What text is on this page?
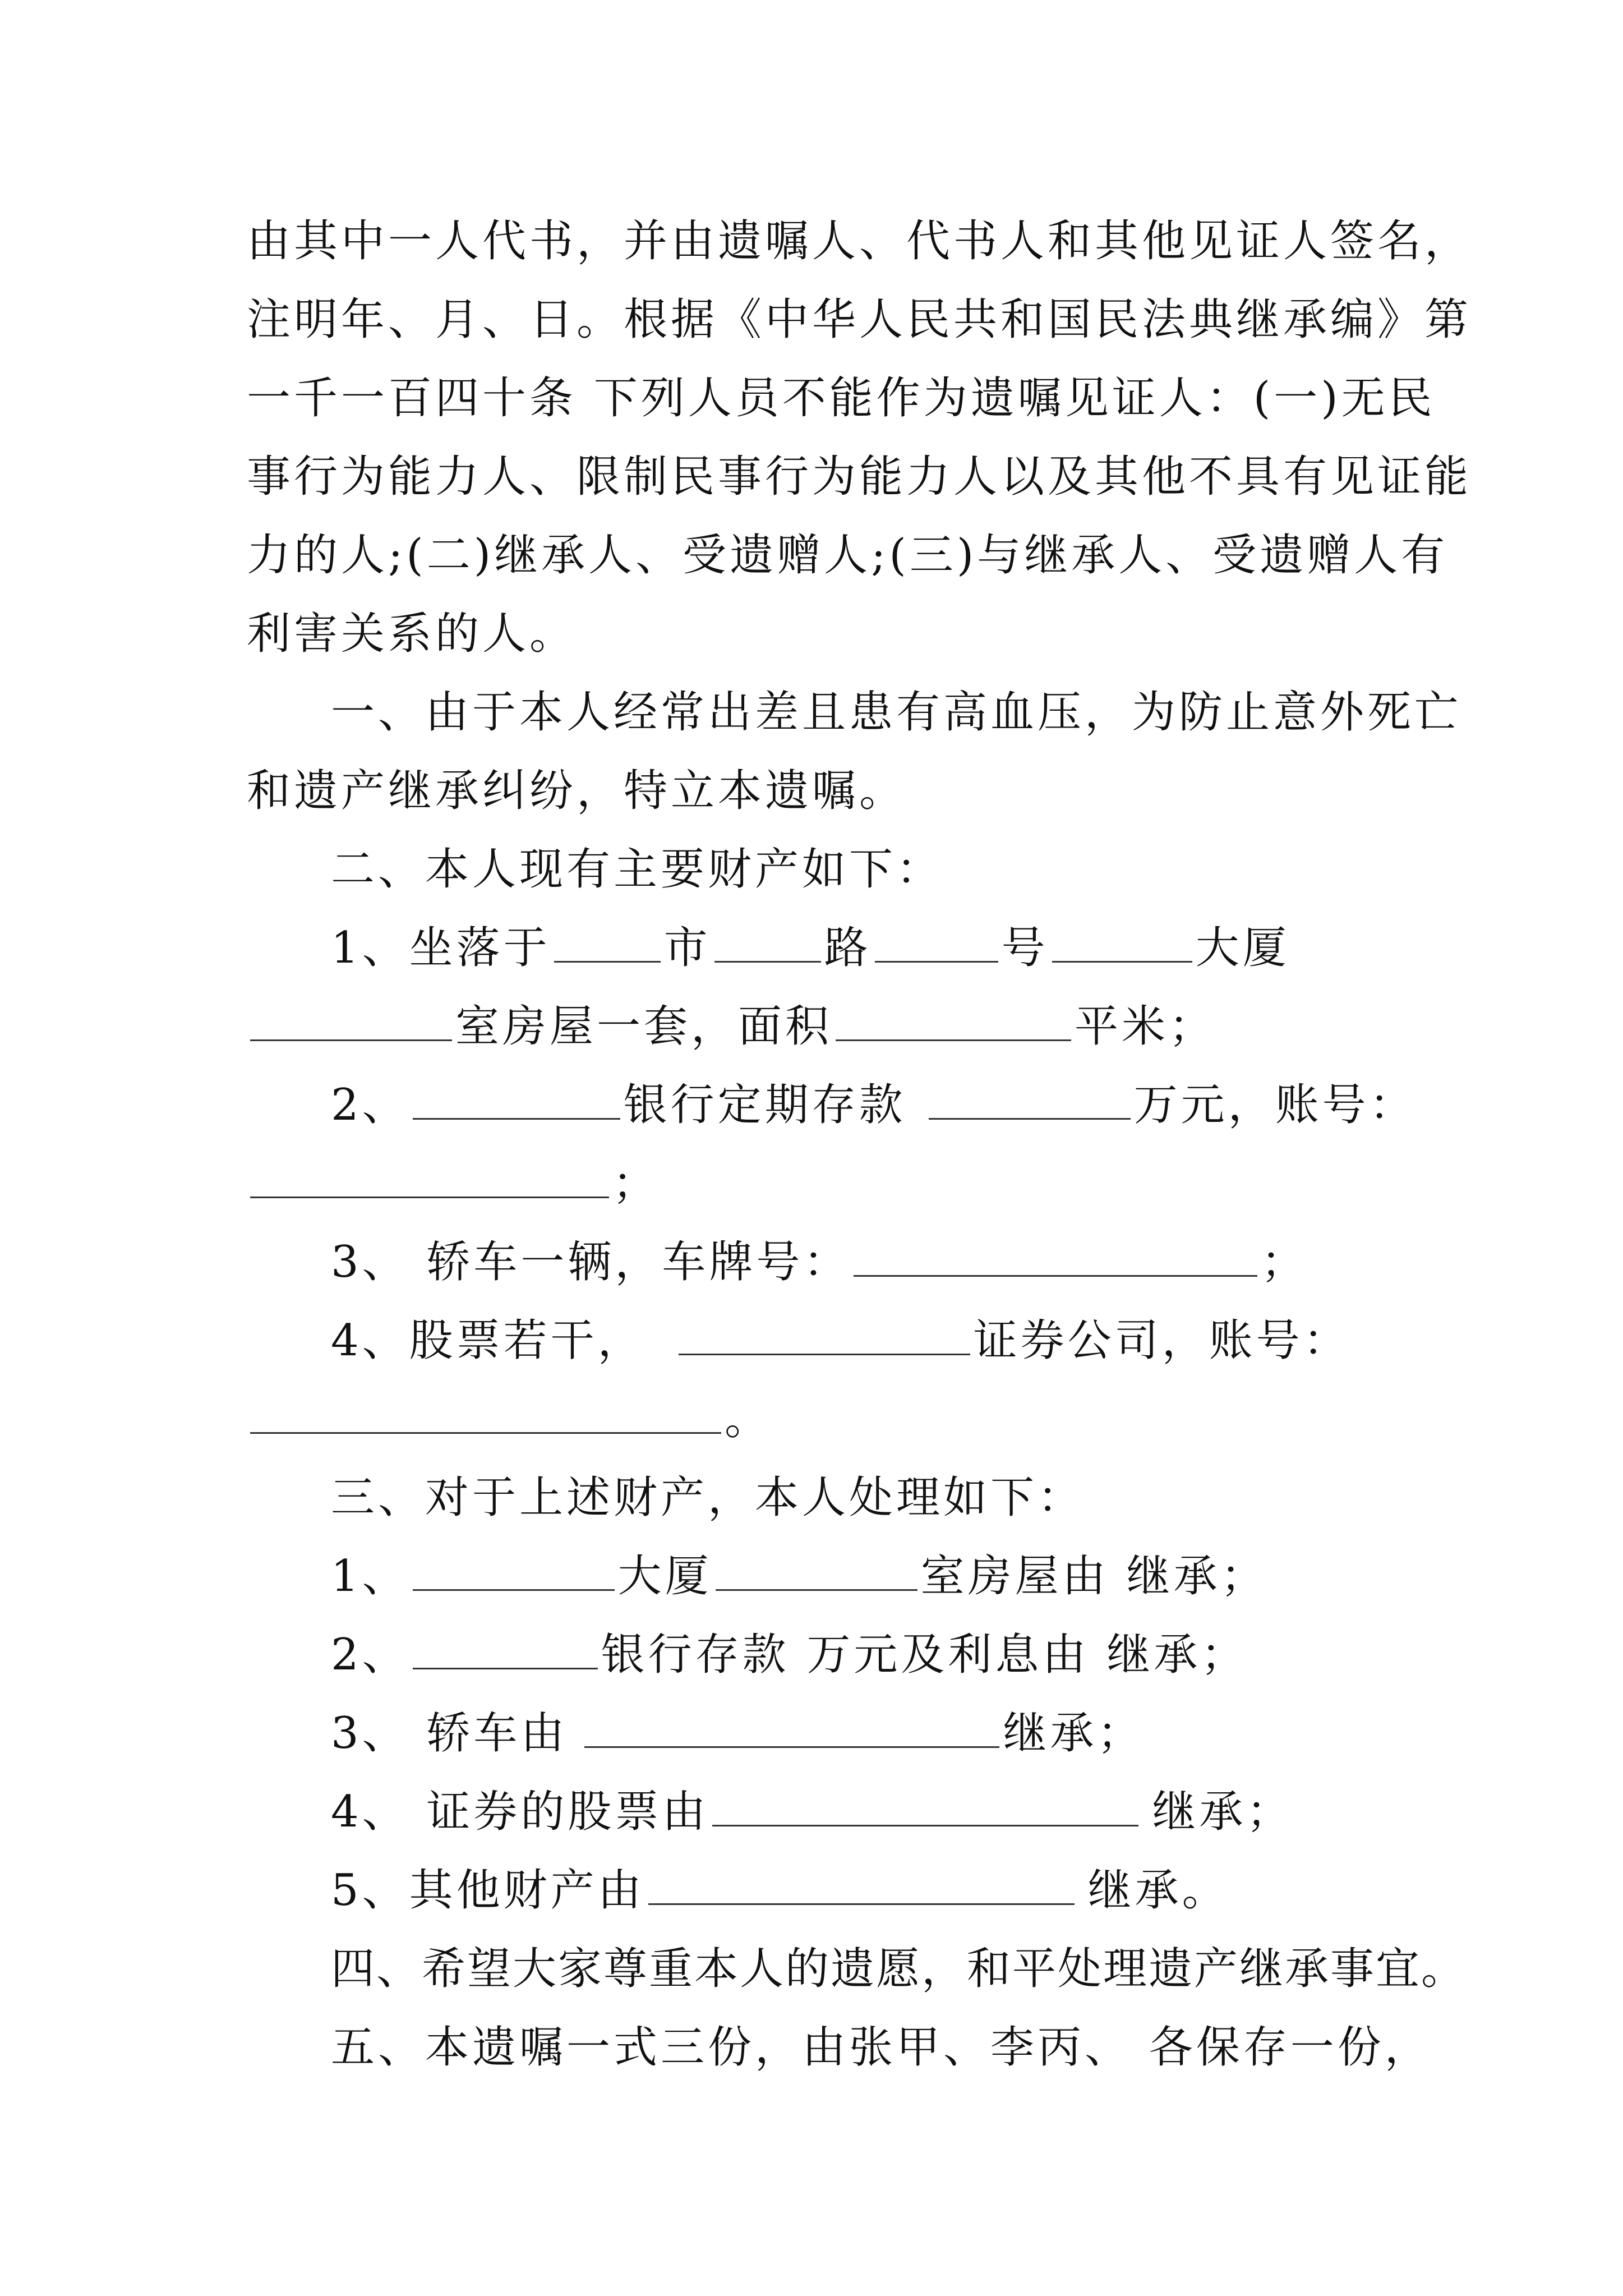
由其中一人代书，并由遗嘱人、代书人和其他见证人签名，
注明年、月、日。根据《中华人民共和国民法典继承编》第
一千一百四十条 下列人员不能作为遗嘱见证人：(一)无民
事行为能力人、限制民事行为能力人以及其他不具有见证能
力的人;(二)继承人、受遗赠人;(三)与继承人、受遗赠人有
利害关系的人。
一、由于本人经常出差且患有高血压，为防止意外死亡
和遗产继承纠纷，特立本遗嘱。
二、本人现有主要财产如下：
1、坐落于	市	路	号	大厦
室房屋一套，面积	平米；
2、	银行定期存款	万元，账号：
；
3、 轿车一辆，车牌号：	；
4、股票若干，	证券公司，账号：
。
三、对于上述财产，本人处理如下：
1、	大厦	室房屋由 继承；
2、	银行存款 万元及利息由 继承；
3、 轿车由	继承；
4、 证券的股票由	继承；
5、其他财产由	继承。
四、希望大家尊重本人的遗愿，和平处理遗产继承事宜。
五、本遗嘱一式三份，由张甲、李丙、 各保存一份，
